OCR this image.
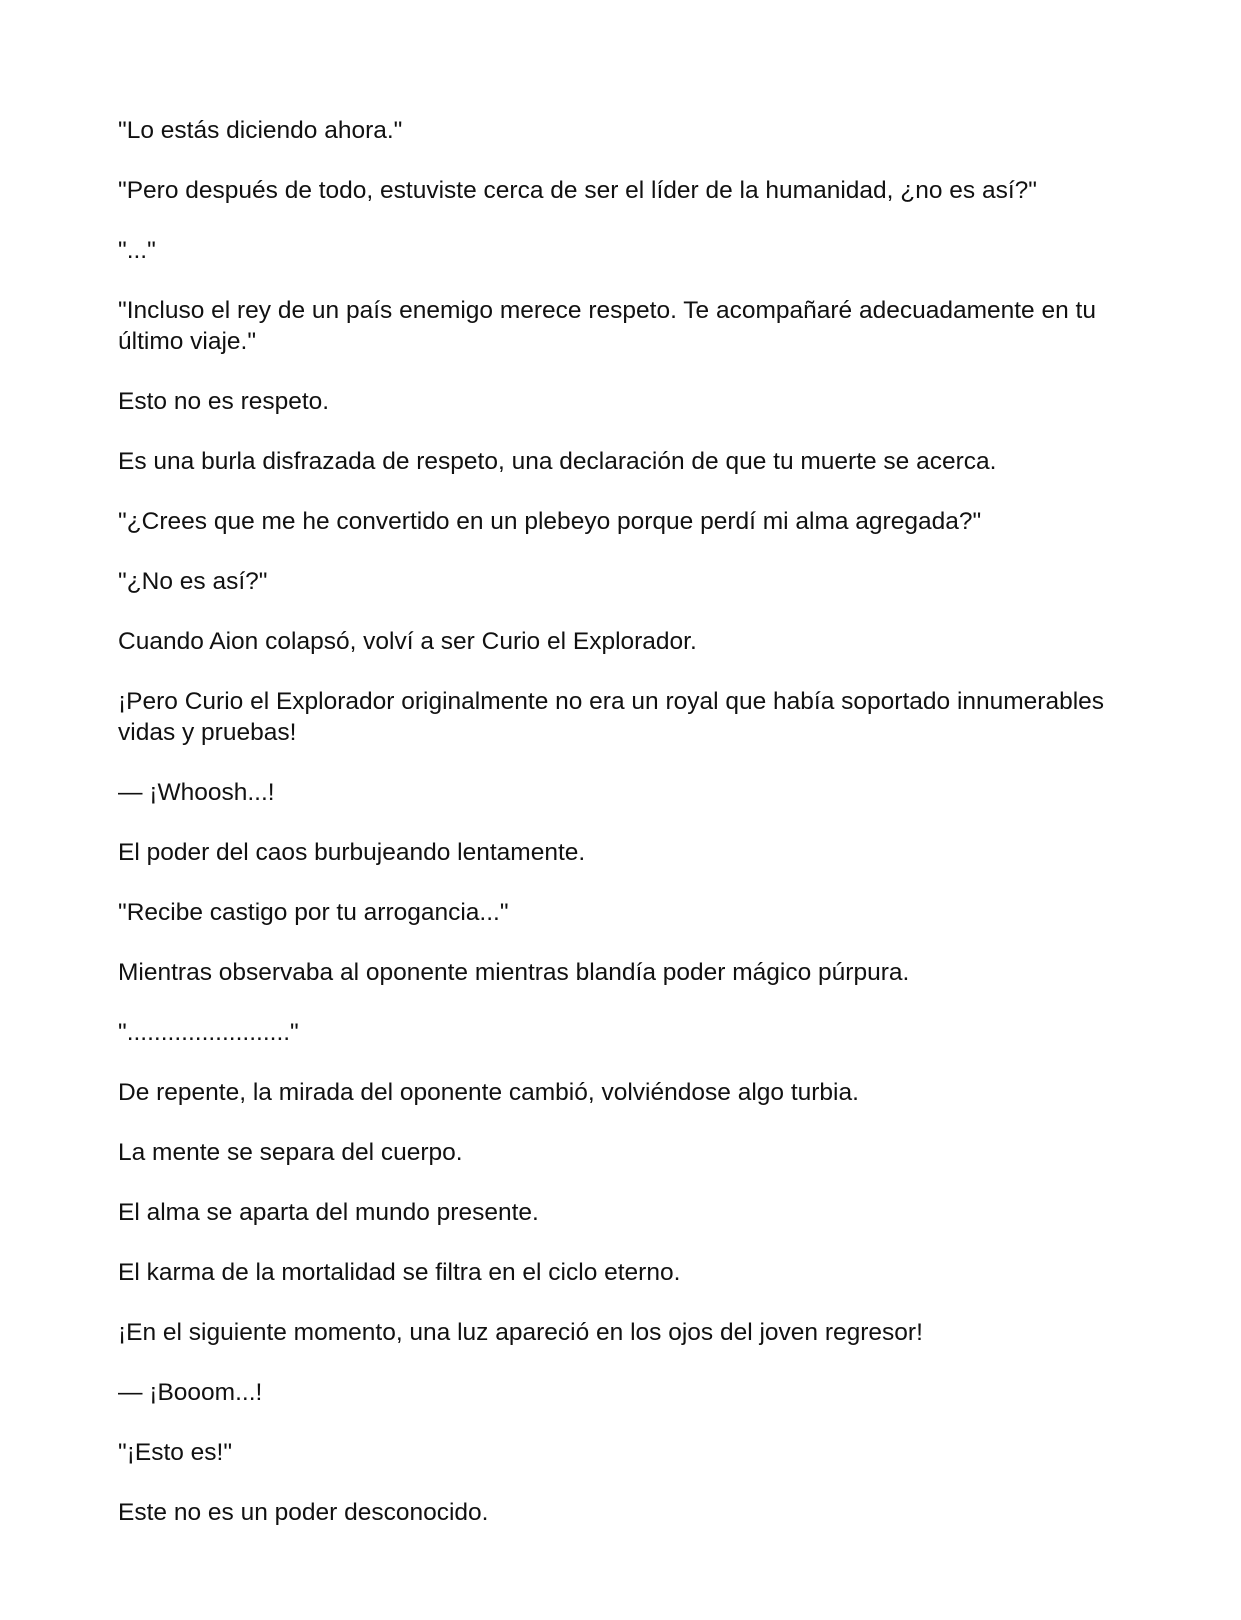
"Lo estás diciendo ahora."

"Pero después de todo, estuviste cerca de ser el líder de la humanidad, ¿no es así?"

"..."

"Incluso el rey de un país enemigo merece respeto. Te acompañaré adecuadamente en tu último viaje."

Esto no es respeto.

Es una burla disfrazada de respeto, una declaración de que tu muerte se acerca.

"¿Crees que me he convertido en un plebeyo porque perdí mi alma agregada?"

"¿No es así?"

Cuando Aion colapsó, volví a ser Curio el Explorador.

¡Pero Curio el Explorador originalmente no era un royal que había soportado innumerables vidas y pruebas!

— ¡Whoosh...!

El poder del caos burbujeando lentamente.

"Recibe castigo por tu arrogancia..."

Mientras observaba al oponente mientras blandía poder mágico púrpura.

"........................"

De repente, la mirada del oponente cambió, volviéndose algo turbia.

La mente se separa del cuerpo.

El alma se aparta del mundo presente.

El karma de la mortalidad se filtra en el ciclo eterno.

¡En el siguiente momento, una luz apareció en los ojos del joven regresor!

— ¡Booom...!

"¡Esto es!"

Este no es un poder desconocido.
